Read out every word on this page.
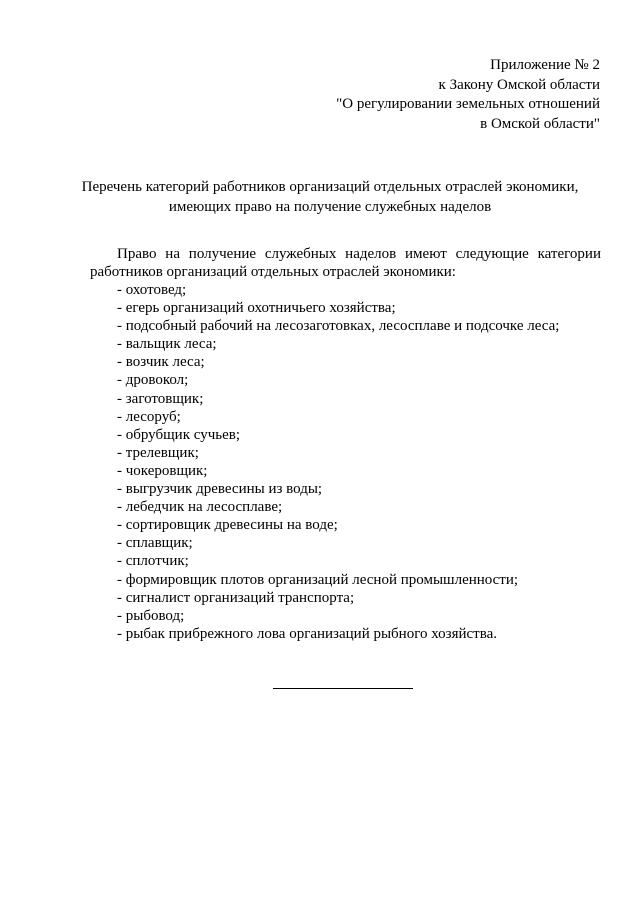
Приложение № 2
к Закону Омской области
"О регулировании земельных отношений
в Омской области"
Перечень категорий работников организаций отдельных отраслей экономики,
имеющих право на получение служебных наделов
Право на получение служебных наделов имеют следующие категории
работников организаций отдельных отраслей экономики:
- охотовед;
- егерь организаций охотничьего хозяйства;
- подсобный рабочий на лесозаготовках, лесосплаве и подсочке леса;
- вальщик леса;
- возчик леса;
- дровокол;
- заготовщик;
- лесоруб;
- обрубщик сучьев;
- трелевщик;
- чокеровщик;
- выгрузчик древесины из воды;
- лебедчик на лесосплаве;
- сортировщик древесины на воде;
- сплавщик;
- сплотчик;
- формировщик плотов организаций лесной промышленности;
- сигналист организаций транспорта;
- рыбовод;
- рыбак прибрежного лова организаций рыбного хозяйства.
